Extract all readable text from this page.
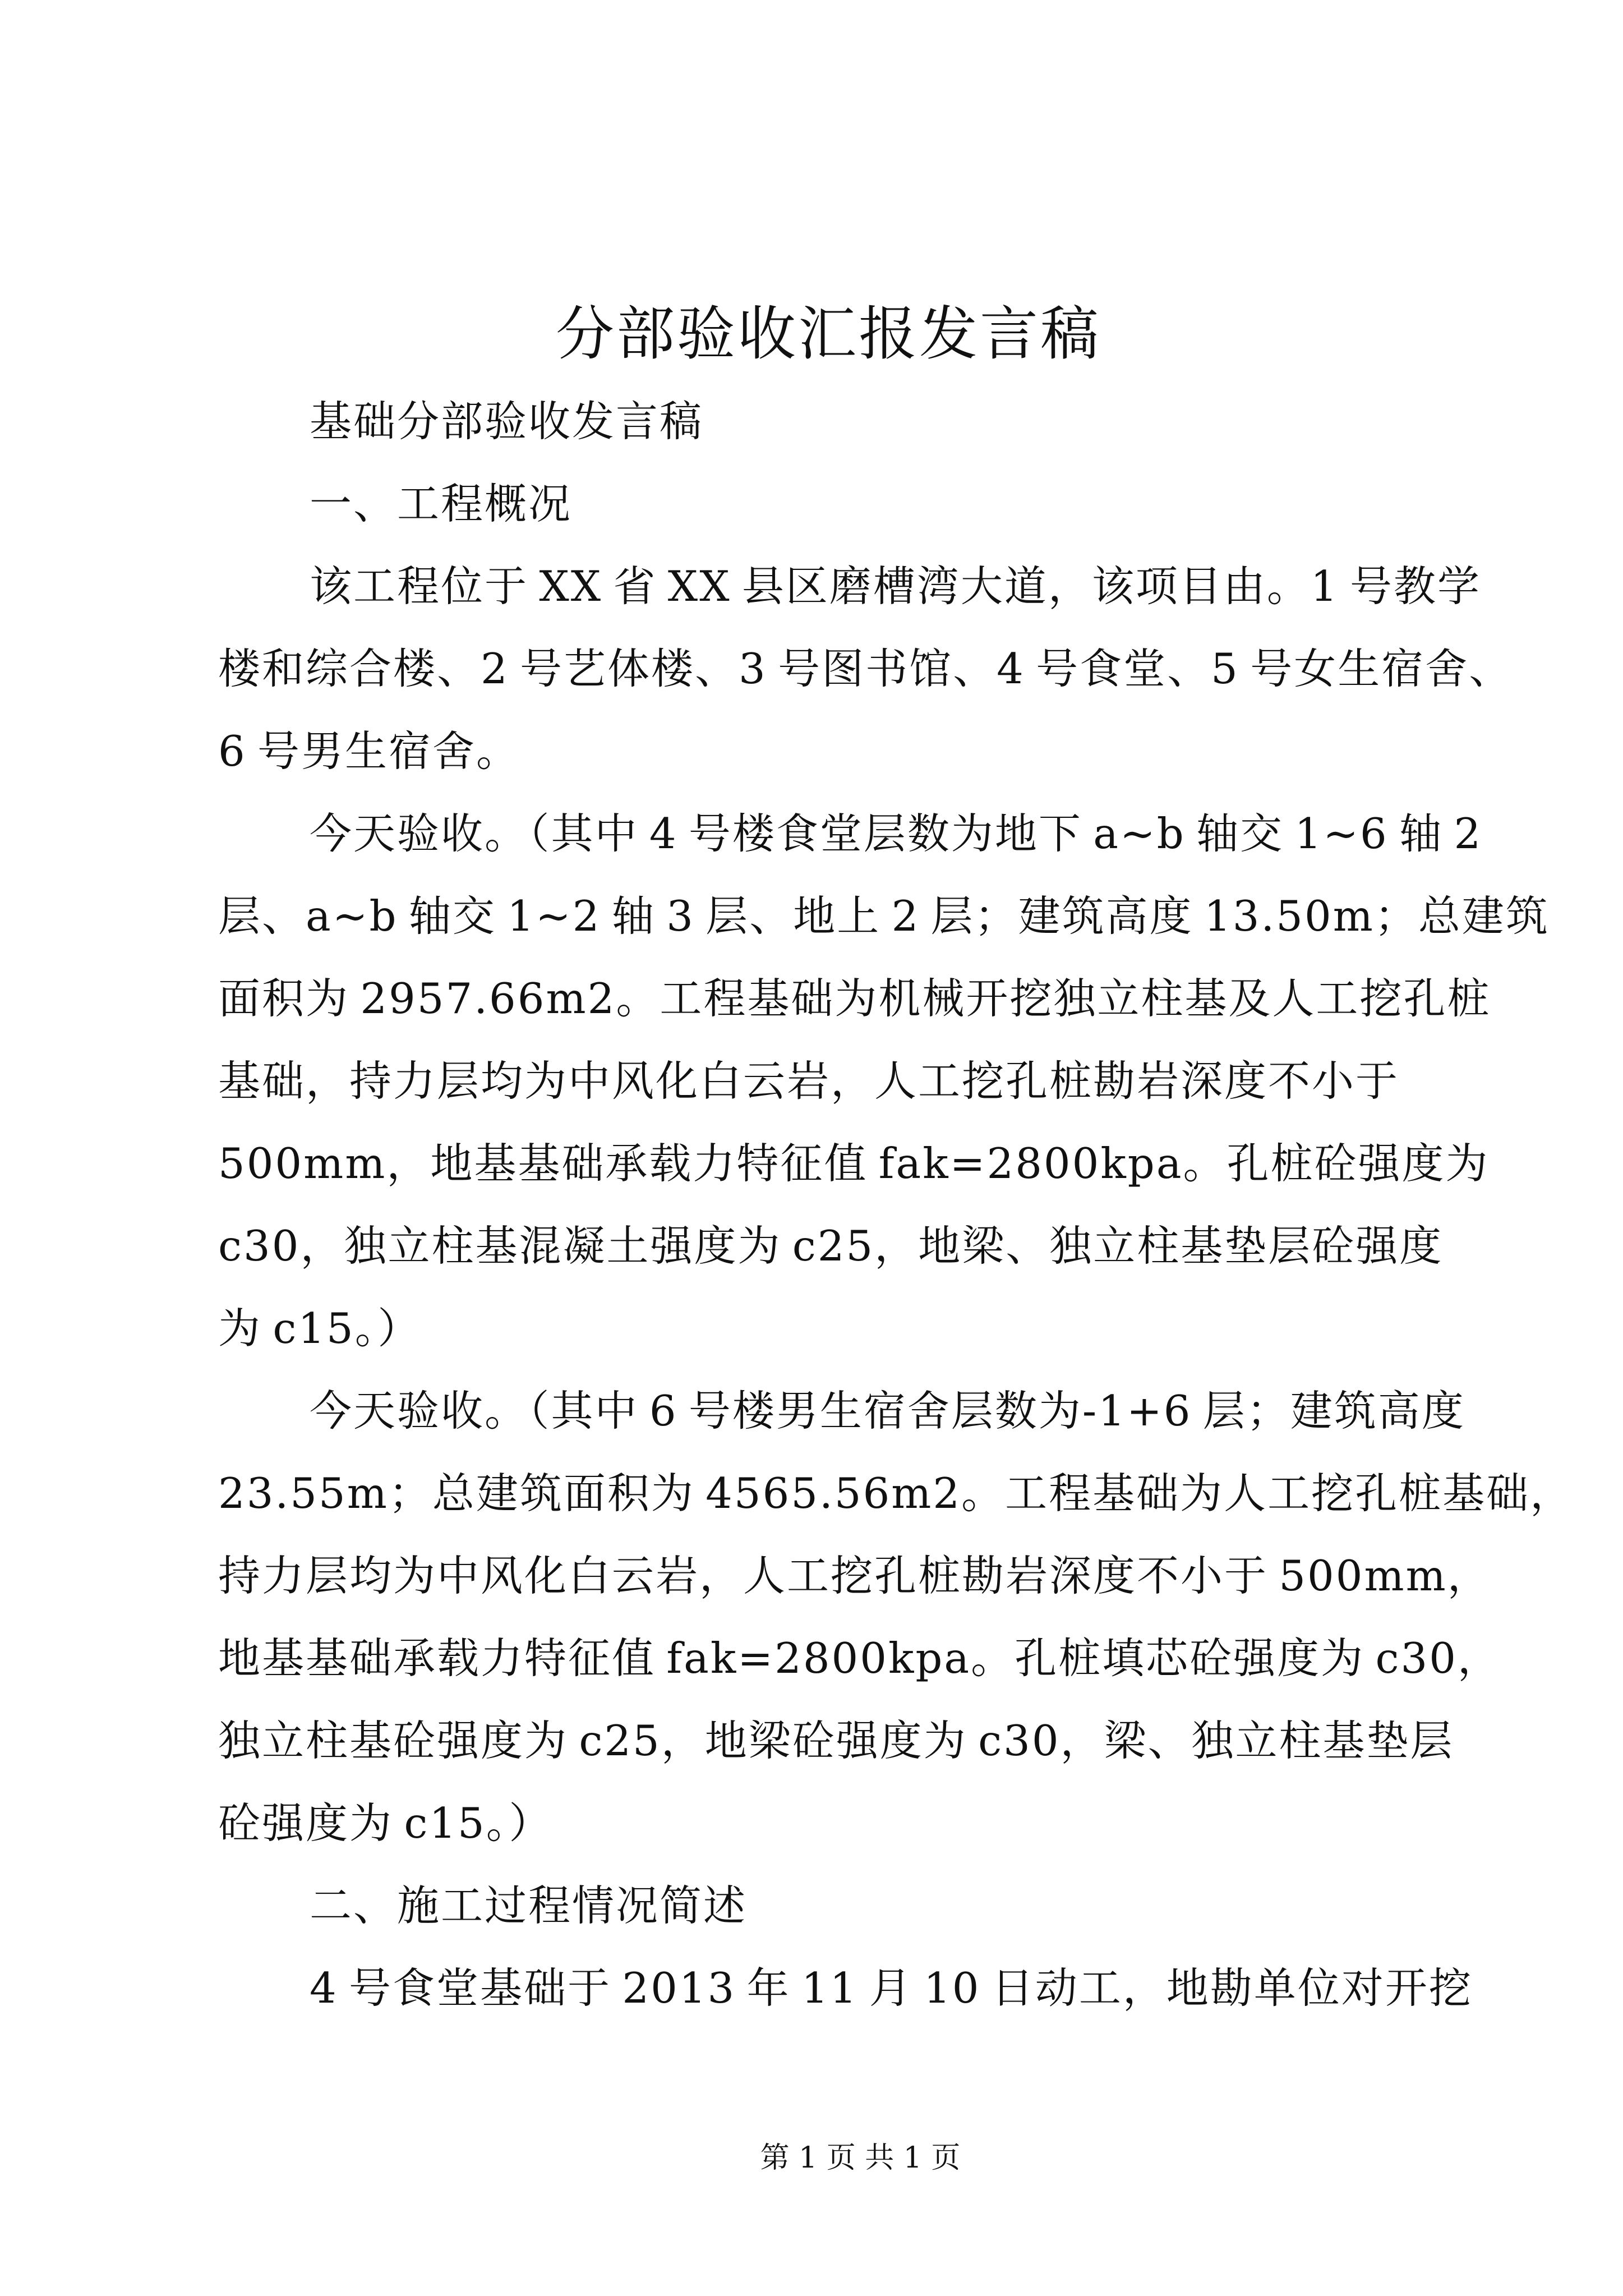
分部验收汇报发言稿
基础分部验收发言稿
一、工程概况
该工程位于 XX 省 XX 县区磨槽湾大道，该项目由。1 号教学
楼和综合楼、2 号艺体楼、3 号图书馆、4 号食堂、5 号女生宿舍、
6 号男生宿舍。
今天验收。（其中 4 号楼食堂层数为地下 a~b 轴交 1~6 轴 2
层、a~b 轴交 1~2 轴 3 层、地上 2 层；建筑高度 13.50m；总建筑
面积为 2957.66m2。工程基础为机械开挖独立柱基及人工挖孔桩
基础，持力层均为中风化白云岩，人工挖孔桩勘岩深度不小于
500mm，地基基础承载力特征值 fak=2800kpa。孔桩砼强度为
c30，独立柱基混凝土强度为 c25，地梁、独立柱基垫层砼强度
为 c15。）
今天验收。（其中 6 号楼男生宿舍层数为-1+6 层；建筑高度
23.55m；总建筑面积为 4565.56m2。工程基础为人工挖孔桩基础，
持力层均为中风化白云岩，人工挖孔桩勘岩深度不小于 500mm，
地基基础承载力特征值 fak=2800kpa。孔桩填芯砼强度为 c30，
独立柱基砼强度为 c25，地梁砼强度为 c30，梁、独立柱基垫层
砼强度为 c15。）
二、施工过程情况简述
4 号食堂基础于 2013 年 11 月 10 日动工，地勘单位对开挖
第 1 页 共 1 页
